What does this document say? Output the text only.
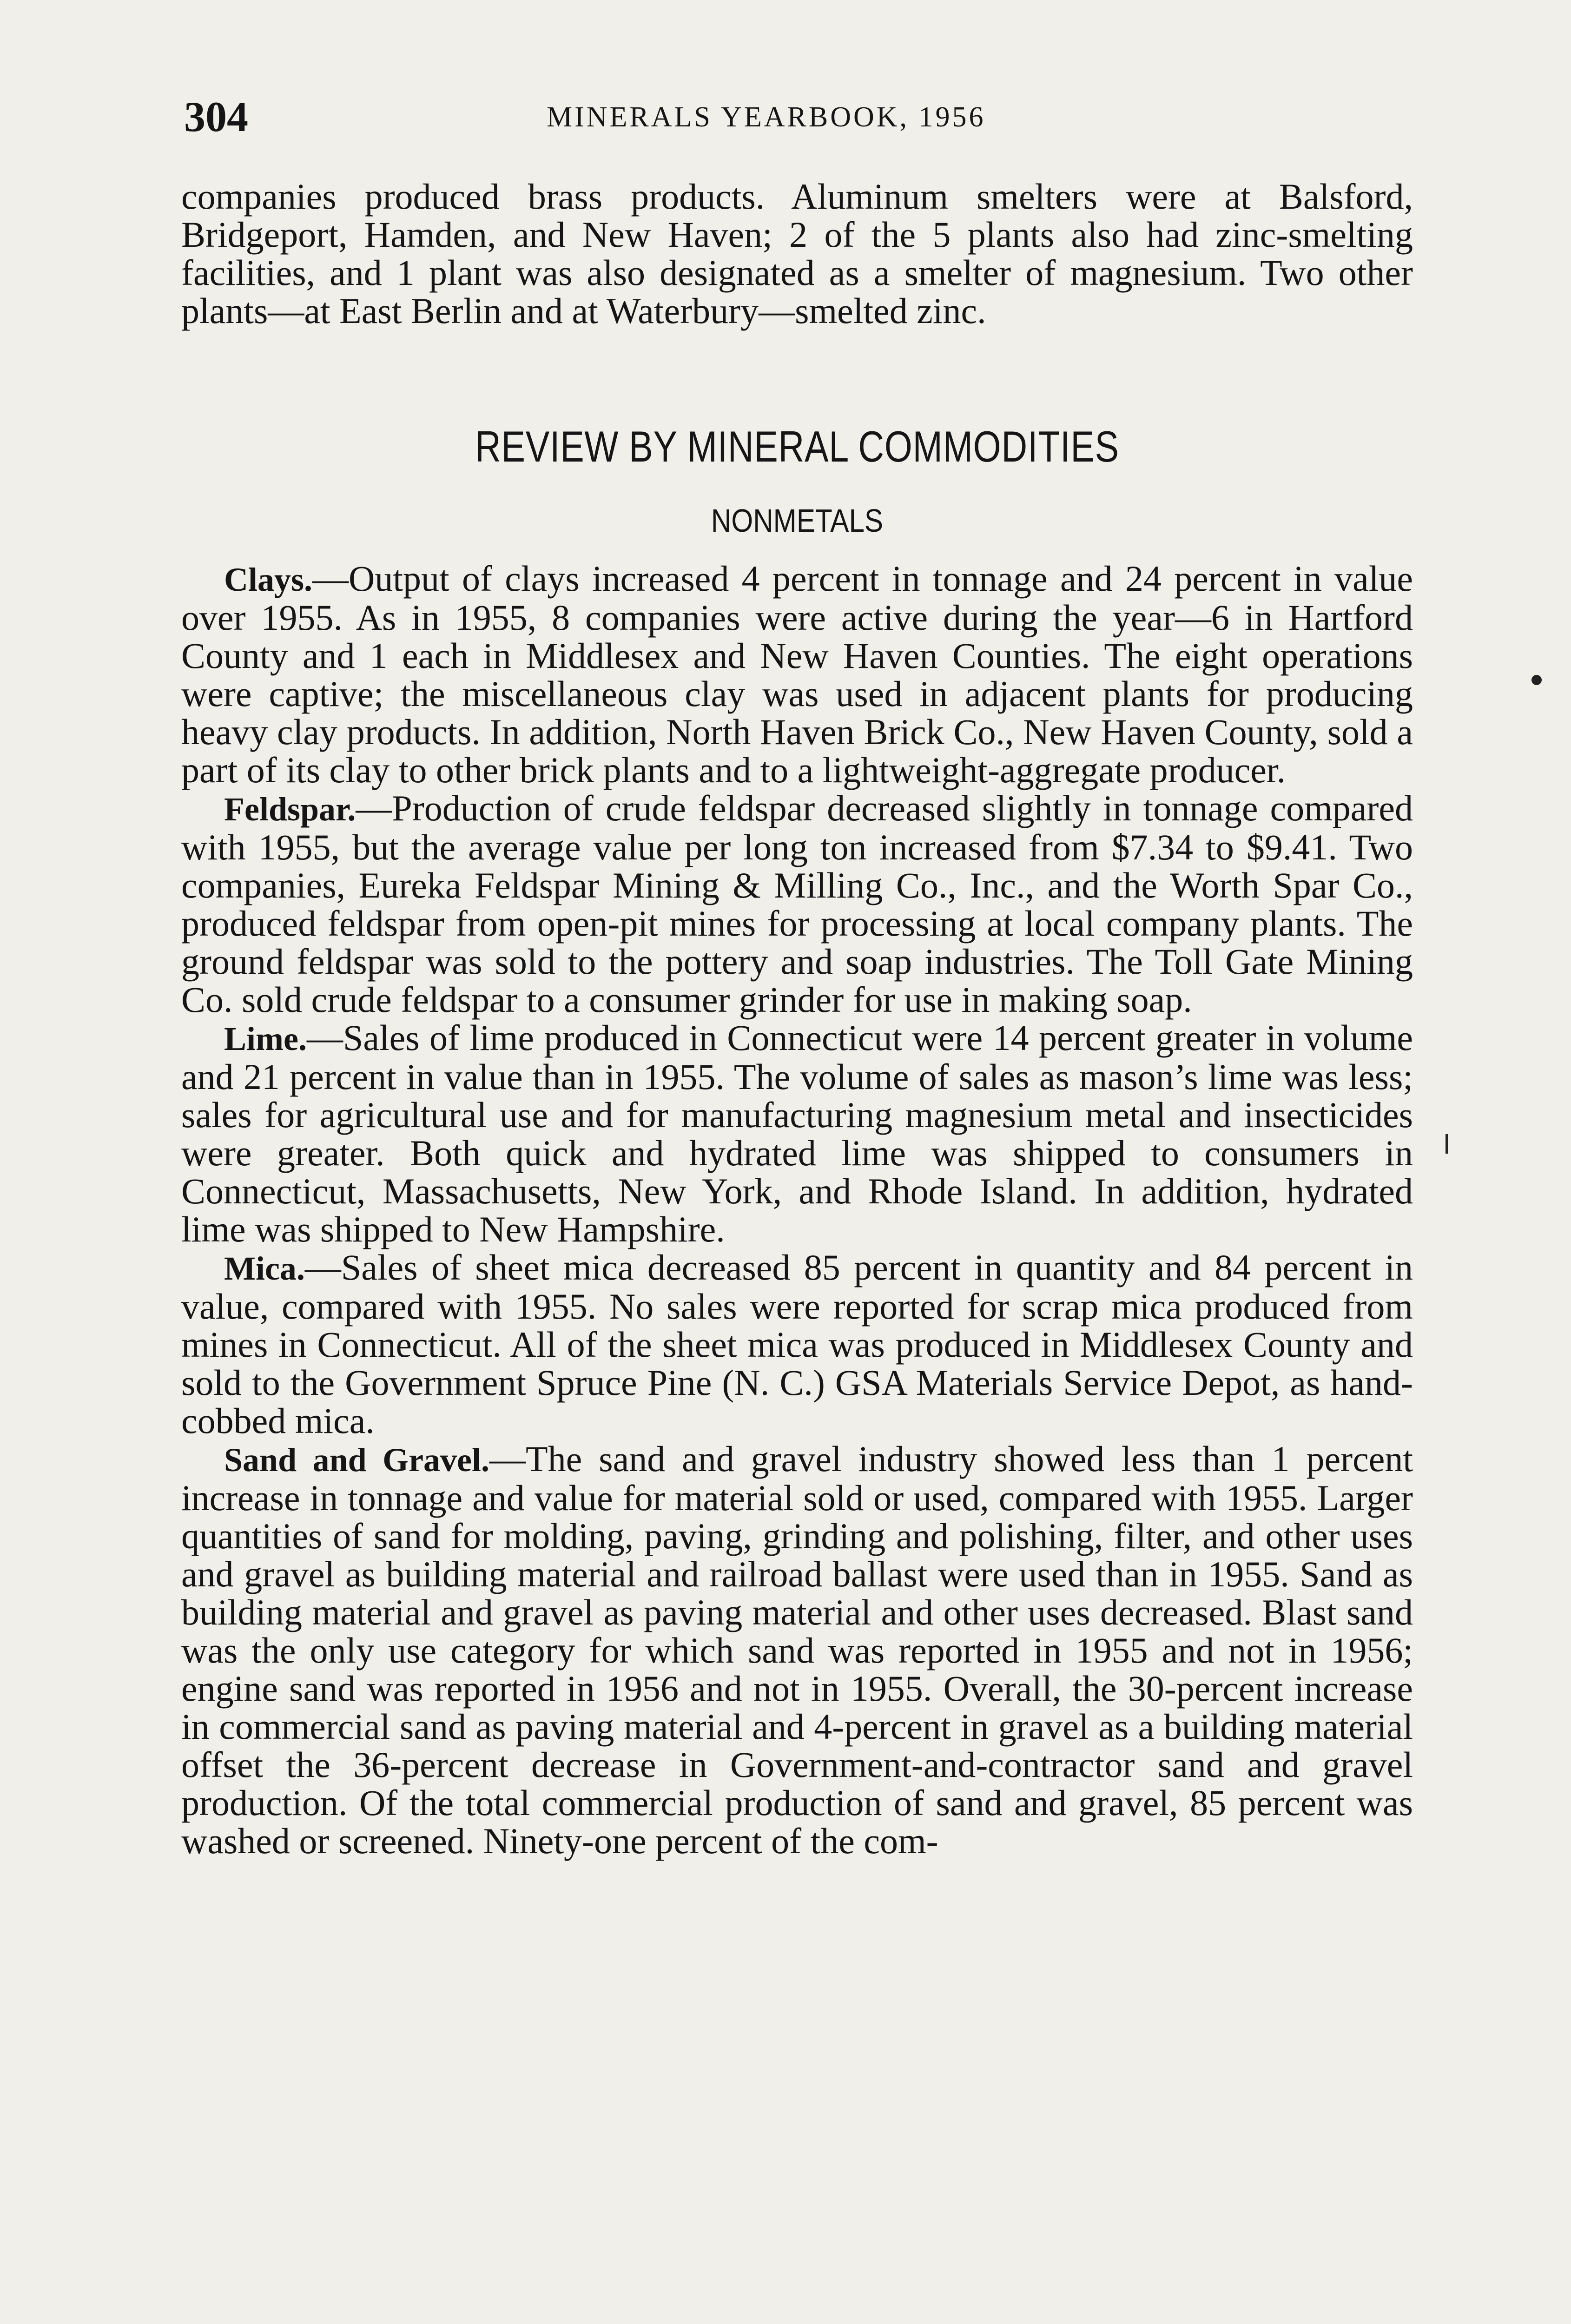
304	MINERALS YEARBOOK, 1956

companies produced brass products. Aluminum smelters were at Balsford, Bridgeport, Hamden, and New Haven; 2 of the 5 plants also had zinc-smelting facilities, and 1 plant was also designated as a smelter of magnesium. Two other plants—at East Berlin and at Waterbury—smelted zinc.

REVIEW BY MINERAL COMMODITIES
NONMETALS

Clays.—Output of clays increased 4 percent in tonnage and 24 percent in value over 1955. As in 1955, 8 companies were active during the year—6 in Hartford County and 1 each in Middlesex and New Haven Counties. The eight operations were captive; the miscellaneous clay was used in adjacent plants for producing heavy clay products. In addition, North Haven Brick Co., New Haven County, sold a part of its clay to other brick plants and to a lightweight-aggregate producer.

Feldspar.—Production of crude feldspar decreased slightly in tonnage compared with 1955, but the average value per long ton increased from $7.34 to $9.41. Two companies, Eureka Feldspar Mining & Milling Co., Inc., and the Worth Spar Co., produced feldspar from open-pit mines for processing at local company plants. The ground feldspar was sold to the pottery and soap industries. The Toll Gate Mining Co. sold crude feldspar to a consumer grinder for use in making soap.

Lime.—Sales of lime produced in Connecticut were 14 percent greater in volume and 21 percent in value than in 1955. The volume of sales as mason’s lime was less; sales for agricultural use and for manufacturing magnesium metal and insecticides were greater. Both quick and hydrated lime was shipped to consumers in Connecticut, Massachusetts, New York, and Rhode Island. In addition, hydrated lime was shipped to New Hampshire.

Mica.—Sales of sheet mica decreased 85 percent in quantity and 84 percent in value, compared with 1955. No sales were reported for scrap mica produced from mines in Connecticut. All of the sheet mica was produced in Middlesex County and sold to the Government Spruce Pine (N. C.) GSA Materials Service Depot, as hand-cobbed mica.

Sand and Gravel.—The sand and gravel industry showed less than 1 percent increase in tonnage and value for material sold or used, compared with 1955. Larger quantities of sand for molding, paving, grinding and polishing, filter, and other uses and gravel as building material and railroad ballast were used than in 1955. Sand as building material and gravel as paving material and other uses decreased. Blast sand was the only use category for which sand was reported in 1955 and not in 1956; engine sand was reported in 1956 and not in 1955. Overall, the 30-percent increase in commercial sand as paving material and 4-percent in gravel as a building material offset the 36-percent decrease in Government-and-contractor sand and gravel production. Of the total commercial production of sand and gravel, 85 percent was washed or screened. Ninety-one percent of the com-
